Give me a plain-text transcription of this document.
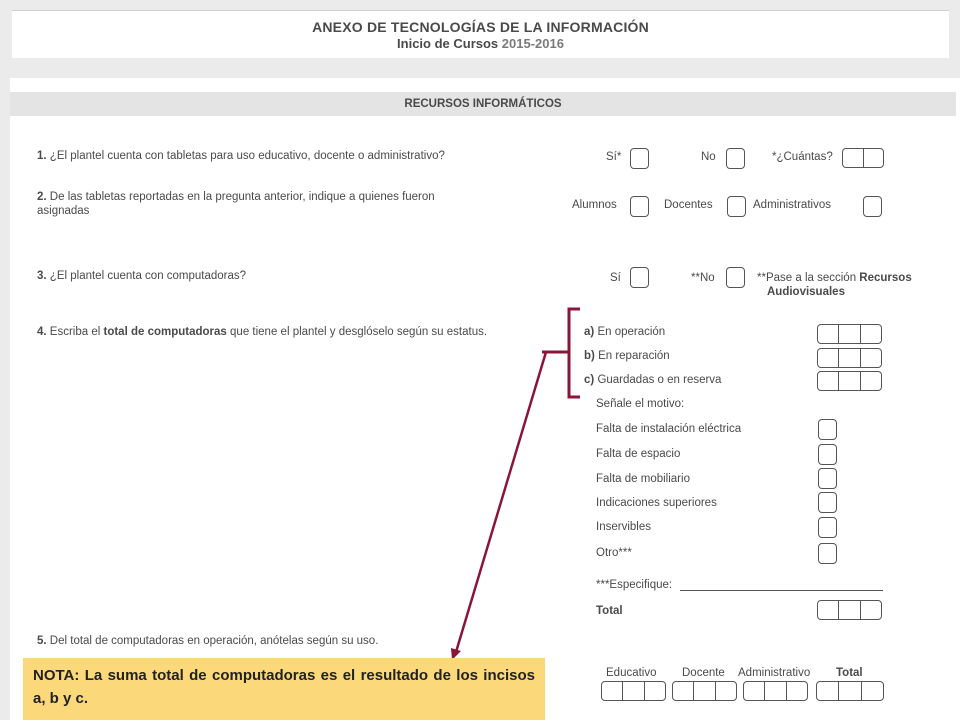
ANEXO DE TECNOLOGÍAS DE LA INFORMACIÓN
Inicio de Cursos 2015-2016
RECURSOS INFORMÁTICOS
1. ¿El plantel cuenta con tabletas para uso educativo, docente o administrativo?	Sí*	No	*¿Cuántas?
2. De las tabletas reportadas en la pregunta anterior, indique a quienes fueron asignadas	Alumnos	Docentes	Administrativos
3. ¿El plantel cuenta con computadoras?	Sí	**No	**Pase a la sección Recursos
Audiovisuales
4. Escriba el total de computadoras que tiene el plantel y desglóselo según su estatus.	a) En operación
b) En reparación
c) Guardadas o en reserva
Señale el motivo:
Falta de instalación eléctrica
Falta de espacio
Falta de mobiliario
Indicaciones superiores
Inservibles
Otro***
***Especifique:
Total
5. Del total de computadoras en operación, anótelas según su uso.
Educativo Docente Administrativo Total
NOTA: La suma total de computadoras es el resultado de los incisos a, b y c.
